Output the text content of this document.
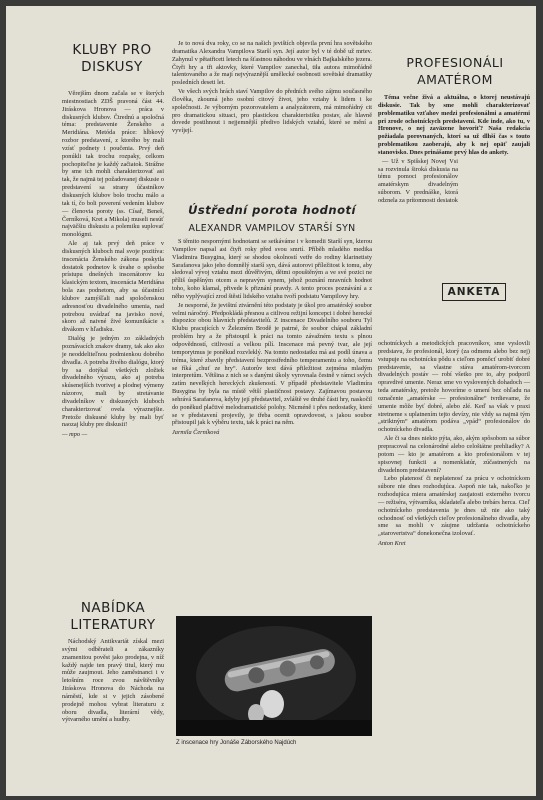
KLUBY PRO DISKUSY

Věrejším dnom začala se v šterých miestnostiach ZDŠ pravoná část 44. Jiráskova Hronova — práca v diskusných klubov. Čtrednú a spoločná téma: predstavenie Ženského a Meridiána. Metóda práce: hĺbkový rozbor predstavení, z ktorého by mali vzísť podnety i poučenia. Prvý deň ponúkli tak trochu rozpaky, celkom pochopiteľne je každý začiatok. Strážne by sme ich mohli charakterizovať asi tak, že najmä tej požadovanej diskusie o predstavení sa strany účastníkov diskusných klubov bolo trochu málo a tak tí, čo boli poverení vedením klubov — členovia poroty (ss. Císař, Beneš, Černíková, Kret a Mikola) museli nesúť najväčšiu diskusiu a polemiku suplovať monológmi.

Ale aj tak prvý deň práce v diskusných kluboch mal svoje pozitíva: inscenácia Ženského zákona poskytla dostatok podnetov k úvahe o spôsobe prístupu dnešných inscenátorov ku klasickým textom, inscenácia Meridiána bola zas podnetom, aby sa účastníci klubov zamýšľali nad spoločenskou adresnosťou divadelného umenia, nad potrebou uvádzať na javisko nové, skoro až naivné živé komunikácie s divákom v hľadisku.

Dialóg je jedným zo základných poznávacích znakov dramy, tak ako ako je neoddeliteľnou podmienkou dobrého divadla. A potreba živého dialógu, ktorý by sa dotýkal všetkých zložiek divadelného výrazu, ako aj potreba skúsenejších tvorivej a plodnej výmeny názorov, mali by stretávanie divadelníkov v diskusných kluboch charakterizovať ovela výraznejšie. Pretože diskusné kluby by mali byť naozaj kluby pre diskusii!

— mpo —

NABÍDKA LITERATURY

Náchodský Antikvariát získal mezi svými odběrateli a zákazníky znamenitou pověst jako prodejna, v níž každý najde ten pravý titul, který mu může zaujmout. Jeho zaměstnanci i v letošním roce zvou návštěvníky Jiráskova Hronova do Náchoda na náměstí, kde si v jejich zásobené prodejně mohou vybrat literaturu z oboru divadla, literární vědy, výtvarného umění a hudby.

Je to nová dva roky, co se na našich jevištích objevila první hra sovětského dramatika Alexandra Vampilova Starší syn. Její autor byl v té době už mrtev. Zahynul v pětatřiceti letech na šťastnou náhodou ve vlnách Bajkalského jezera. Čtyři hry a tři aktovky, které Vampilov zanechal, tiła autora mimořádně talentovaného a že mají nejvýraznější umělecké osobnosti sovětské dramatiky posledních deseti let.

Ve všech svých hrách staví Vampilov do předních svého zájmu současného člověka, zkoumá jeho osobní citový život, jeho vztahy k lidem i ke společnosti. Je výborným pozorovatelem a analyzátorem, má mimořádný cit pro dramatickou situaci, pro plastickou charakteristiku postav, ale hlavně dovede postihnout i nejjemnější předivo lidských vztahů, které se mění a vyvíjejí.

Ústřední porota hodnotí
ALEXANDR VAMPILOV STARŠÍ SYN

S těmito nespornými hodnotami se setkáváme i v komedii Starší syn, kterou Vampilov napsal asi čtyři roky před svou smrtí. Příběh mladého medika Vladimira Busygina, který se shodou okolností vetře do rodiny klarinetisty Sarafanova jako jeho domnělý starší syn, dává autorovi příležitost k tomu, aby sledoval vývoj vztahu mezi důvěřivým, dětmi opouštěným a ve své pozici ne příliš úspěšným otcem a nepravým synem, jehož poznání mravních hodnot toho, koho klamal, přivede k přiznání pravdy. A tento proces poznávání a z něho vyplývající zrod štěstí lidského vztahu tvoří podstatu Vampilovy hry.

Je nesporné, že jevištní ztvárnění této podstaty je úkol pro amatérský soubor velmi náročný. Předpokládá přesnou a citlivou režijní koncepci i dobré herecké dispozice obou hlavních představitelů. Z inscenace Divadelního souboru Tyl Klubu pracujících v Železném Brodě je patrné, že soubor chápal základní problém hry a že přistoupil k práci na tomto závažném textu s plnou odpovědností, citlivostí a velkou pílí. Inscenace má pevný tvar, ale její temporytmus je poněkud rozvleklý. Na tomto nedostatku má asi podíl únava a tréma, které zbavily představení bezprostředního temperamentu a toho, čemu se říká „chuť ze hry“. Autorův text dává přiležitost zejména mladým interpretům. Většina z nich se s danými úkoly vyrovnala čestně v rámci svých zatím nevelkých hereckých zkušeností. V případě představitele Vladimíra Busygina by byla na místě větší plastičnost postavy. Zajímavou postavou sehrává Sarafanova, kdyby její představitel, zvláště ve druhé části hry, naskočil do poněkud plačtivé melodramatické polohy. Nicméně i přes nedostatky, které se v představení projevily, je třeba ocenit opravdovost, s jakou soubor přistoupil jak k výběru textu, tak k práci na něm.

Jarmila Černíková

Z inscenace hry Jonáše Záborského Najdúch
PROFESIONÁLI AMATÉROM

Téma večne živá a aktuálna, o ktorej neustávajú diskusie. Tak by sme mohli charakterizovať problematiku vzťahov medzi profesionálmi a amatérmi pri zrode ochotníckych predstavení. Kde inde, ako tu, v Hronove, o nej zaväzene hovoriť? Naša redakcia požiadala porovnaných, ktorí sa už dlhší čas s touto problematikou zaoberajú, aby k nej opäť zaujali stanovisko. Dnes prinášame prvý hlas do ankety.

— Už v Spišskej Novej Vsi sa rozvinula široká diskusia na tému pomoci profesionálov amatérskym divadelným súborom. V prednáške, ktorá odznela za prítomnosti desiatok

ANKETA

ochotníckych a metodických pracovníkov, sme vyslovili predstavu, že profesionál, ktorý (za odmenu alebo bez nej) vstupuje na ochotnícku pôdu s cieľom pomôcť urobiť dobré predstavenie, sa vlastne stáva amatérom-tvorcom divadelných postáv — robí všetko pre to, aby podporil opravdivé umenie. Neraz sme vo vyslovených dohadoch — teda amatérsky, pretože hovoríme o umení bez ohľadu na označenie „amatérske — profesionálne“ tvrdievame, že umenie môže byť dobré, alebo zlé. Keď sa však v praxi stretneme s uplatnením tejto devízy, nie vždy sa najmä tým „striktným“ amatérom podáva „vpád“ profesionálov do ochotníckeho divadla.

Ale či sa dnes niekto pýta, ako, akým spôsobom sa súbor prepracoval na celonárodné alebo celoštátne prehliadky? A potom — kto je amatérom a kto profesionálom v tej spisovnej funkcii a nomenklatúr, zúčastnených na divadelnom predstavení?

Lebo platenosť či neplatenosť za prácu v ochotníckom súbore nie dnes rozhodujúca. Aspoň nie tak, nakoľko je rozhodujúca miera amatérskej zaujatosti externého tvorcu — režiséra, výtvarníka, skladateľa alebo trebárs herca. Cieľ ochotníckeho predstavenia je dnes už nie ako taký ochodnosť od všetkých cieľov profesionálneho divadla, aby sme sa mohli v záujme udržania ochotníckeho „starovertstva“ donekonečna izolovať.

Anton Kret
